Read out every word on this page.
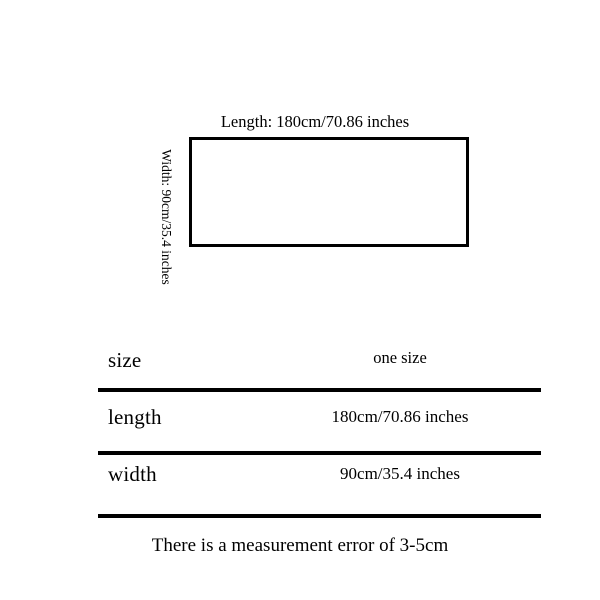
Length: 180cm/70.86 inches
Width: 90cm/35.4 inches
size	one size
length	180cm/70.86 inches
width	90cm/35.4 inches
There is a measurement error of 3-5cm
